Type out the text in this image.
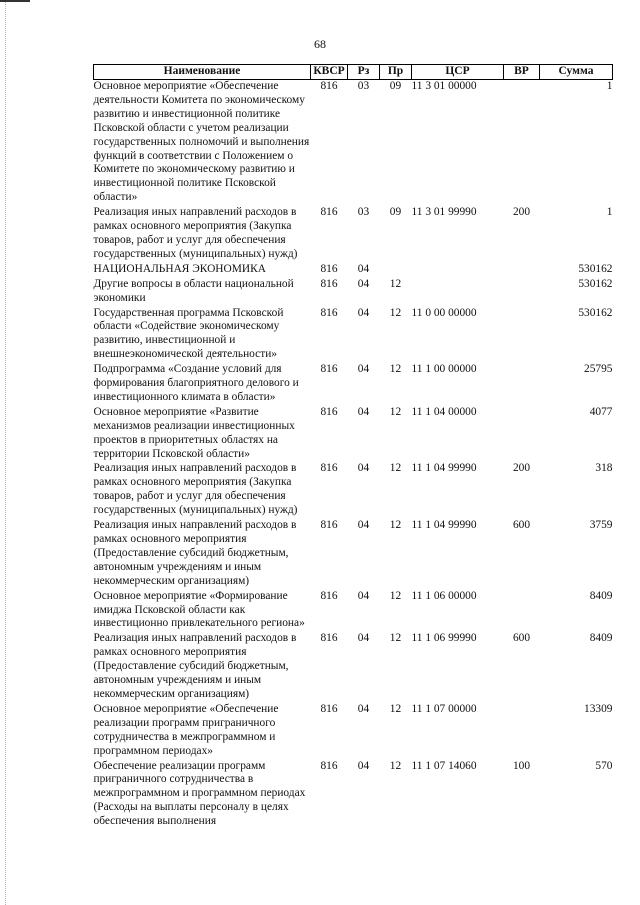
68
Наименование	КВСР	Рз	Пр	ЦСР	ВР	Сумма
Основное мероприятие «Обеспечение деятельности Комитета по экономическому развитию и инвестиционной политике Псковской области с учетом реализации государственных полномочий и выполнения функций в соответствии с Положением о Комитете по экономическому развитию и инвестиционной политике Псковской области»	816	03	09	11 3 01 00000		1
Реализация иных направлений расходов в рамках основного мероприятия (Закупка товаров, работ и услуг для обеспечения государственных (муниципальных) нужд)	816	03	09	11 3 01 99990	200	1
НАЦИОНАЛЬНАЯ ЭКОНОМИКА	816	04				530162
Другие вопросы в области национальной экономики	816	04	12			530162
Государственная программа Псковской области «Содействие экономическому развитию, инвестиционной и внешнеэкономической деятельности»	816	04	12	11 0 00 00000		530162
Подпрограмма «Создание условий для формирования благоприятного делового и инвестиционного климата в области»	816	04	12	11 1 00 00000		25795
Основное мероприятие «Развитие механизмов реализации инвестиционных проектов в приоритетных областях на территории Псковской области»	816	04	12	11 1 04 00000		4077
Реализация иных направлений расходов в рамках основного мероприятия (Закупка товаров, работ и услуг для обеспечения государственных (муниципальных) нужд)	816	04	12	11 1 04 99990	200	318
Реализация иных направлений расходов в рамках основного мероприятия (Предоставление субсидий бюджетным, автономным учреждениям и иным некоммерческим организациям)	816	04	12	11 1 04 99990	600	3759
Основное мероприятие «Формирование имиджа Псковской области как инвестиционно привлекательного региона»	816	04	12	11 1 06 00000		8409
Реализация иных направлений расходов в рамках основного мероприятия (Предоставление субсидий бюджетным, автономным учреждениям и иным некоммерческим организациям)	816	04	12	11 1 06 99990	600	8409
Основное мероприятие «Обеспечение реализации программ приграничного сотрудничества в межпрограммном и программном периодах»	816	04	12	11 1 07 00000		13309
Обеспечение реализации программ приграничного сотрудничества в межпрограммном и программном периодах (Расходы на выплаты персоналу в целях обеспечения выполнения	816	04	12	11 1 07 14060	100	570
